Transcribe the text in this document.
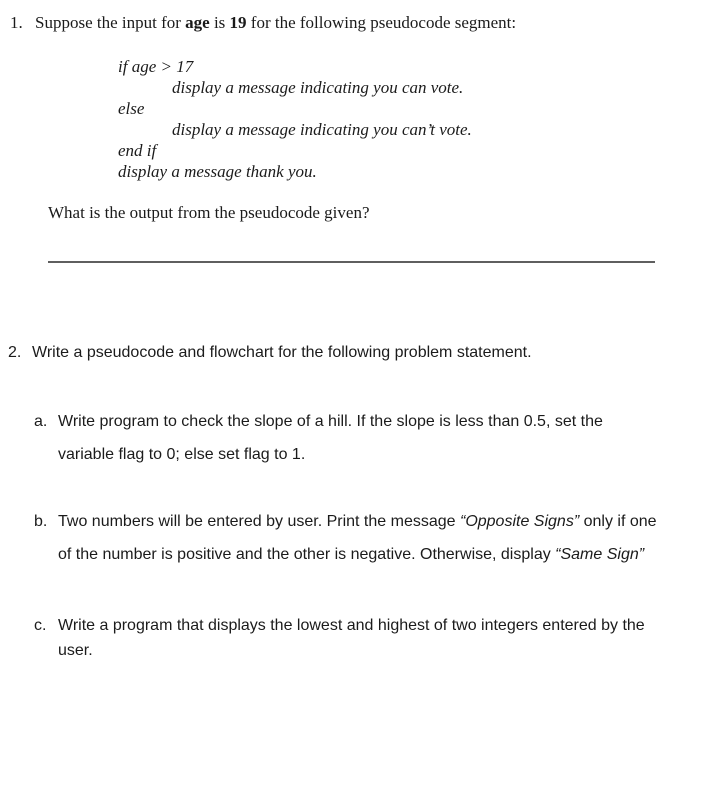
1. Suppose the input for age is 19 for the following pseudocode segment:
if age > 17
display a message indicating you can vote.
else
display a message indicating you can’t vote.
end if
display a message thank you.
What is the output from the pseudocode given?
2. Write a pseudocode and flowchart for the following problem statement.
a. Write program to check the slope of a hill. If the slope is less than 0.5, set the
variable flag to 0; else set flag to 1.
b. Two numbers will be entered by user. Print the message “Opposite Signs” only if one
of the number is positive and the other is negative. Otherwise, display “Same Sign”
c. Write a program that displays the lowest and highest of two integers entered by the
user.
